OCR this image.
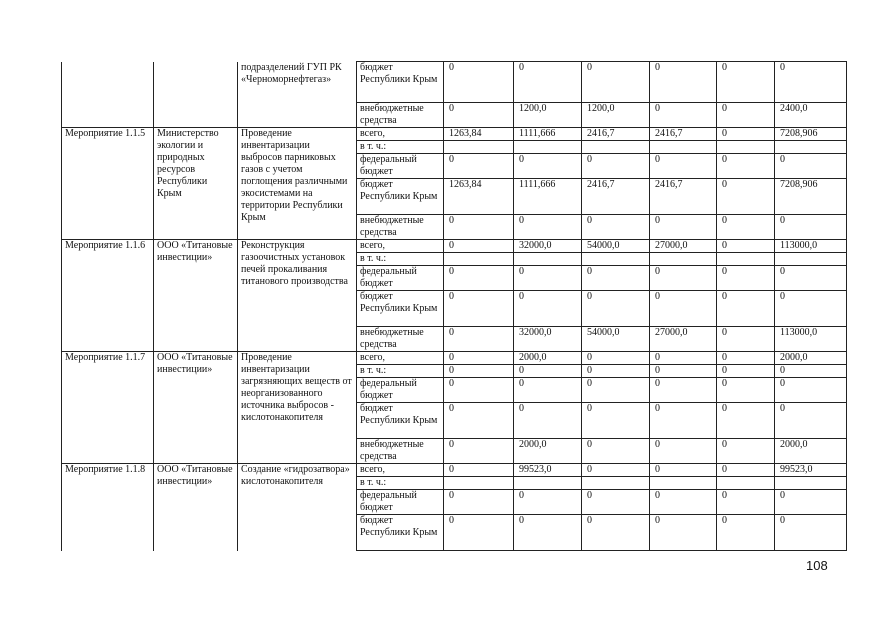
		подразделений ГУП РК «Черноморнефтегаз»	бюджет Республики Крым	0	0	0	0	0	0
			внебюджетные средства	0	1200,0	1200,0	0	0	2400,0
Мероприятие 1.1.5	Министерство экологии и природных ресурсов Республики Крым	Проведение инвентаризации выбросов парниковых газов с учетом поглощения различными экосистемами на территории Республики Крым	всего,	1263,84	1111,666	2416,7	2416,7	0	7208,906
			в т. ч.:						
			федеральный бюджет	0	0	0	0	0	0
			бюджет Республики Крым	1263,84	1111,666	2416,7	2416,7	0	7208,906
			внебюджетные средства	0	0	0	0	0	0
Мероприятие 1.1.6	ООО «Титановые инвестиции»	Реконструкция газоочистных установок печей прокаливания титанового производства	всего,	0	32000,0	54000,0	27000,0	0	113000,0
			в т. ч.:						
			федеральный бюджет	0	0	0	0	0	0
			бюджет Республики Крым	0	0	0	0	0	0
			внебюджетные средства	0	32000,0	54000,0	27000,0	0	113000,0
Мероприятие 1.1.7	ООО «Титановые инвестиции»	Проведение инвентаризации загрязняющих веществ от неорганизованного источника выбросов - кислотонакопителя	всего,	0	2000,0	0	0	0	2000,0
			в т. ч.:	0	0	0	0	0	0
			федеральный бюджет	0	0	0	0	0	0
			бюджет Республики Крым	0	0	0	0	0	0
			внебюджетные средства	0	2000,0	0	0	0	2000,0
Мероприятие 1.1.8	ООО «Титановые инвестиции»	Создание «гидрозатвора» кислотонакопителя	всего,	0	99523,0	0	0	0	99523,0
			в т. ч.:						
			федеральный бюджет	0	0	0	0	0	0
			бюджет Республики Крым	0	0	0	0	0	0
108
